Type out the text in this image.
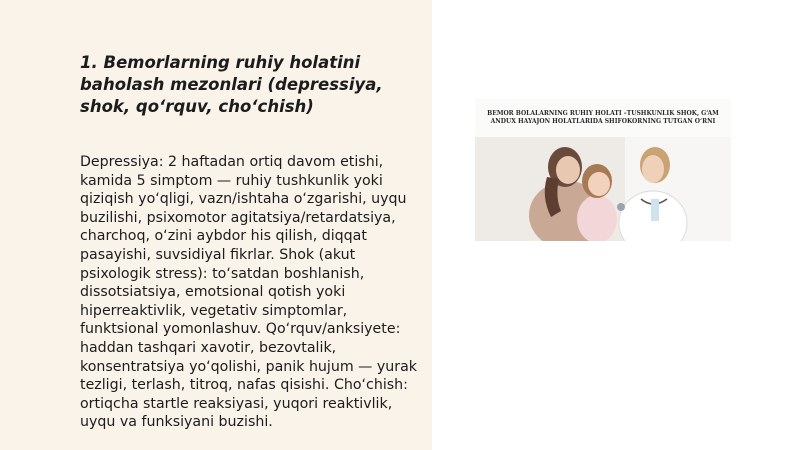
1. Bemorlarning ruhiy holatini baholash mezonlari (depressiya, shok, qo‘rquv, cho‘chish)

Depressiya: 2 haftadan ortiq davom etishi, kamida 5 simptom — ruhiy tushkunlik yoki qiziqish yo‘qligi, vazn/ishtaha o‘zgarishi, uyqu buzilishi, psixomotor agitatsiya/retardatsiya, charchoq, o‘zini aybdor his qilish, diqqat pasayishi, suvsidiyal fikrlar. Shok (akut psixologik stress): to‘satdan boshlanish, dissotsiatsiya, emotsional qotish yoki hiperreaktivlik, vegetativ simptomlar, funktsional yomonlashuv. Qo‘rquv/anksiyete: haddan tashqari xavotir, bezovtalik, konsentratsiya yo‘qolishi, panik hujum — yurak tezligi, terlash, titroq, nafas qisishi. Cho‘chish: ortiqcha startle reaksiyasi, yuqori reaktivlik, uyqu va funksiyani buzishi.

BEMOR BOLALARNING RUHIY HOLATI –TUSHKUNLIK SHOK, G‘AM ANDUX HAYAJON HOLATLARIDA SHIFOKORNING TUTGAN O‘RNI
